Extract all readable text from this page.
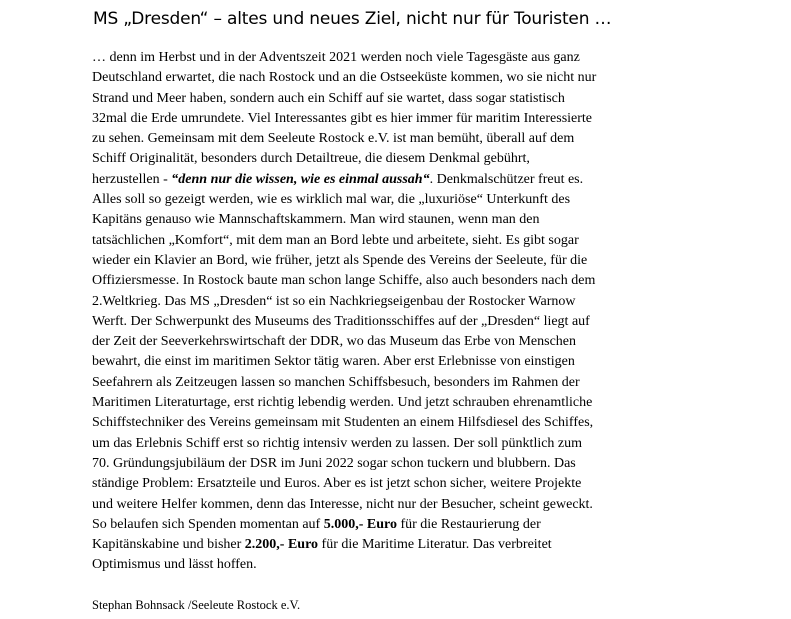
MS „Dresden“ – altes und neues Ziel, nicht nur für Touristen …
… denn im Herbst und in der Adventszeit 2021 werden noch viele Tagesgäste aus ganz
Deutschland erwartet, die nach Rostock und an die Ostseeküste kommen, wo sie nicht nur
Strand und Meer haben, sondern auch ein Schiff auf sie wartet, dass sogar statistisch
32mal die Erde umrundete. Viel Interessantes gibt es hier immer für maritim Interessierte
zu sehen. Gemeinsam mit dem Seeleute Rostock e.V. ist man bemüht, überall auf dem
Schiff Originalität, besonders durch Detailtreue, die diesem Denkmal gebührt,
herzustellen - “denn nur die wissen, wie es einmal aussah“. Denkmalschützer freut es.
Alles soll so gezeigt werden, wie es wirklich mal war, die „luxuriöse“ Unterkunft des
Kapitäns genauso wie Mannschaftskammern. Man wird staunen, wenn man den
tatsächlichen „Komfort“, mit dem man an Bord lebte und arbeitete, sieht. Es gibt sogar
wieder ein Klavier an Bord, wie früher, jetzt als Spende des Vereins der Seeleute, für die
Offiziersmesse. In Rostock baute man schon lange Schiffe, also auch besonders nach dem
2.Weltkrieg. Das MS „Dresden“ ist so ein Nachkriegseigenbau der Rostocker Warnow
Werft. Der Schwerpunkt des Museums des Traditionsschiffes auf der „Dresden“ liegt auf
der Zeit der Seeverkehrswirtschaft der DDR, wo das Museum das Erbe von Menschen
bewahrt, die einst im maritimen Sektor tätig waren. Aber erst Erlebnisse von einstigen
Seefahrern als Zeitzeugen lassen so manchen Schiffsbesuch, besonders im Rahmen der
Maritimen Literaturtage, erst richtig lebendig werden. Und jetzt schrauben ehrenamtliche
Schiffstechniker des Vereins gemeinsam mit Studenten an einem Hilfsdiesel des Schiffes,
um das Erlebnis Schiff erst so richtig intensiv werden zu lassen. Der soll pünktlich zum
70. Gründungsjubiläum der DSR im Juni 2022 sogar schon tuckern und blubbern. Das
ständige Problem: Ersatzteile und Euros. Aber es ist jetzt schon sicher, weitere Projekte
und weitere Helfer kommen, denn das Interesse, nicht nur der Besucher, scheint geweckt.
So belaufen sich Spenden momentan auf 5.000,- Euro für die Restaurierung der
Kapitänskabine und bisher 2.200,- Euro für die Maritime Literatur. Das verbreitet
Optimismus und lässt hoffen.
Stephan Bohnsack /Seeleute Rostock e.V.
